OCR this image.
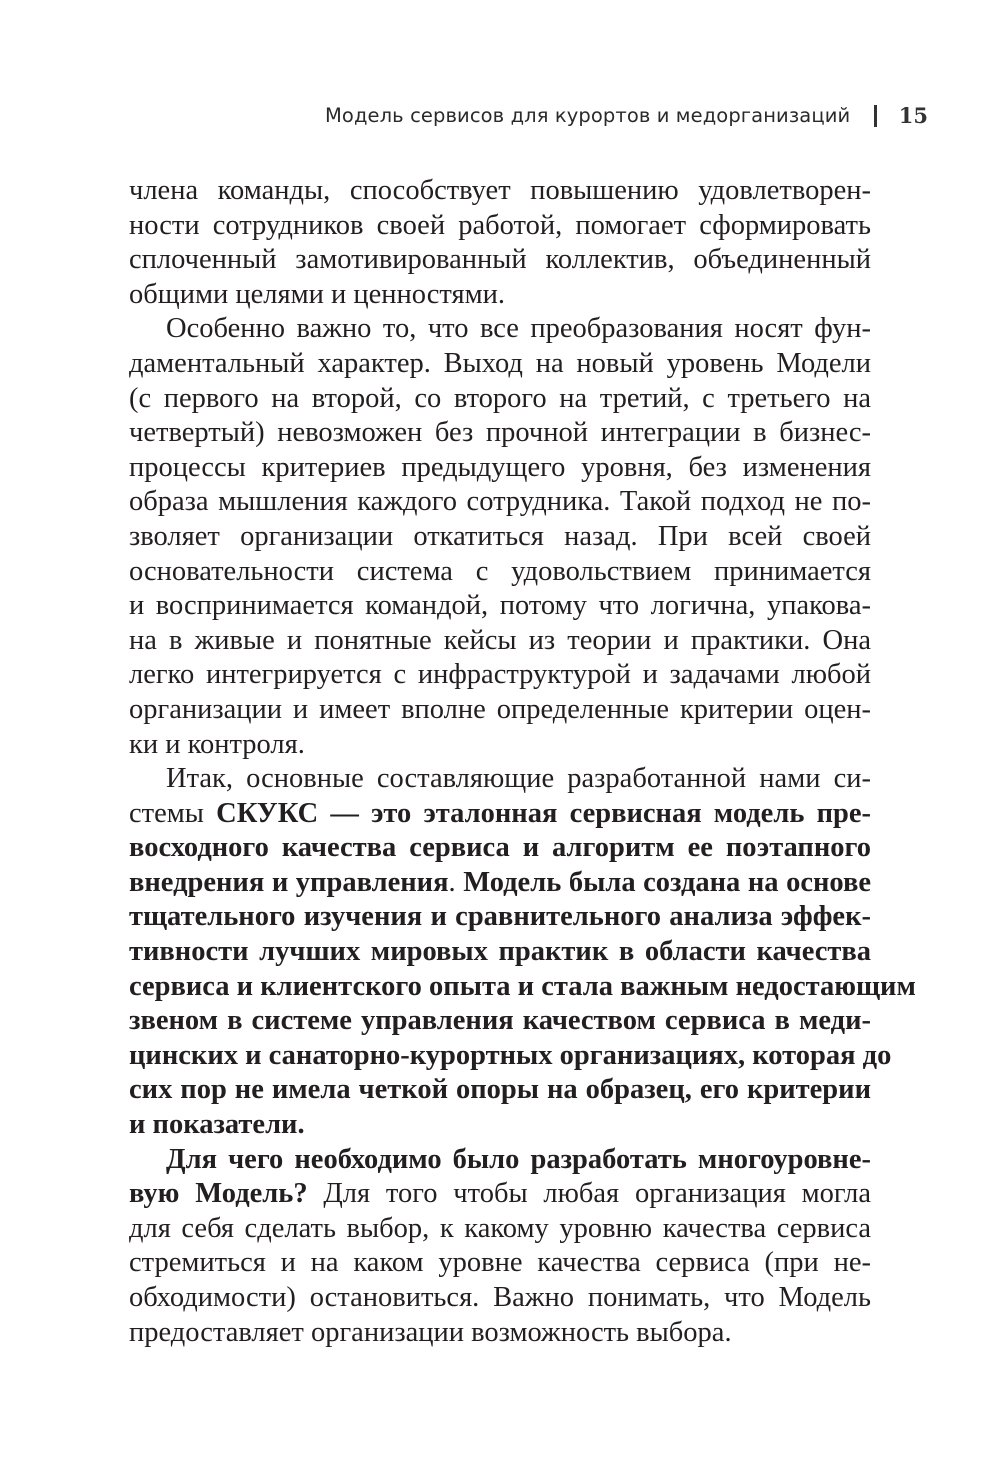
Модель сервисов для курортов и медорганизаций 15
члена команды, способствует повышению удовлетворен-
ности сотрудников своей работой, помогает сформировать
сплоченный замотивированный коллектив, объединенный
общими целями и ценностями.
Особенно важно то, что все преобразования носят фун-
даментальный характер. Выход на новый уровень Модели
(с первого на второй, со второго на третий, с третьего на
четвертый) невозможен без прочной интеграции в бизнес-
процессы критериев предыдущего уровня, без изменения
образа мышления каждого сотрудника. Такой подход не по-
зволяет организации откатиться назад. При всей своей
основательности система с удовольствием принимается
и воспринимается командой, потому что логична, упакова-
на в живые и понятные кейсы из теории и практики. Она
легко интегрируется с инфраструктурой и задачами любой
организации и имеет вполне определенные критерии оцен-
ки и контроля.
Итак, основные составляющие разработанной нами си-
стемы СКУКС — это эталонная сервисная модель пре-
восходного качества сервиса и алгоритм ее поэтапного
внедрения и управления. Модель была создана на основе
тщательного изучения и сравнительного анализа эффек-
тивности лучших мировых практик в области качества
сервиса и клиентского опыта и стала важным недостающим
звеном в системе управления качеством сервиса в меди-
цинских и санаторно-курортных организациях, которая до
сих пор не имела четкой опоры на образец, его критерии
и показатели.
Для чего необходимо было разработать многоуровне-
вую Модель? Для того чтобы любая организация могла
для себя сделать выбор, к какому уровню качества сервиса
стремиться и на каком уровне качества сервиса (при не-
обходимости) остановиться. Важно понимать, что Модель
предоставляет организации возможность выбора.
